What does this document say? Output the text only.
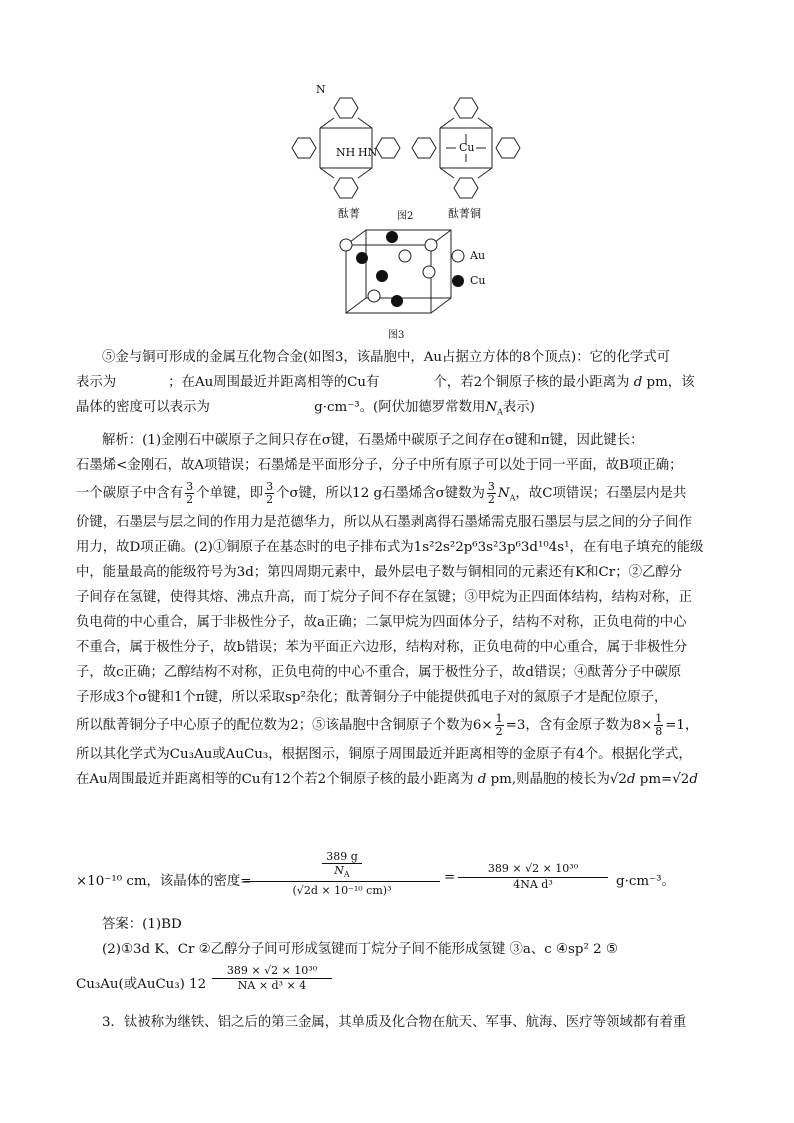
N
NH HN	Cu
酞菁	图2	酞菁铜
Au
Cu
图3
⑤金与铜可形成的金属互化物合金(如图3，该晶胞中，Au占据立方体的8个顶点)：它的化学式可
表示为	；在Au周围最近并距离相等的Cu有	个，若2个铜原子核的最小距离为 d pm，该
晶体的密度可以表示为	g·cm⁻³。(阿伏加德罗常数用$N_A$表示)
解析：(1)金刚石中碳原子之间只存在σ键，石墨烯中碳原子之间存在σ键和π键，因此键长：
石墨烯<金刚石，故A项错误；石墨烯是平面形分子，分子中所有原子可以处于同一平面，故B项正确；
一个碳原子中含有 $\frac{3}{2}$ 个单键，即 $\frac{3}{2}$ 个σ键，所以12 g石墨烯含σ键数为 $\frac{3}{2} N_A$，故C项错误；石墨层内是共
价键，石墨层与层之间的作用力是范德华力，所以从石墨剥离得石墨烯需克服石墨层与层之间的分子间作
用力，故D项正确。(2)①铜原子在基态时的电子排布式为1s²2s²2p⁶3s²3p⁶3d¹⁰4s¹，在有电子填充的能级
中，能量最高的能级符号为3d；第四周期元素中，最外层电子数与铜相同的元素还有K和Cr；②乙醇分
子间存在氢键，使得其熔、沸点升高，而丁烷分子间不存在氢键；③甲烷为正四面体结构，结构对称，正
负电荷的中心重合，属于非极性分子，故a正确；二氯甲烷为四面体分子，结构不对称，正负电荷的中心
不重合，属于极性分子，故b错误；苯为平面正六边形，结构对称，正负电荷的中心重合，属于非极性分
子，故c正确；乙醇结构不对称，正负电荷的中心不重合，属于极性分子，故d错误；④酞菁分子中碳原
子形成3个σ键和1个π键，所以采取sp²杂化；酞菁铜分子中能提供孤电子对的氮原子才是配位原子，
所以酞菁铜分子中心原子的配位数为2；⑤该晶胞中含铜原子个数为$6\times \frac{1}{2} =3$，含有金原子数为$8\times \frac{1}{8} =1$，
所以其化学式为Cu₃Au或AuCu₃，根据图示，铜原子周围最近并距离相等的金原子有4个。根据化学式，
在Au周围最近并距离相等的Cu有12个若2个铜原子核的最小距离为 d pm,则晶胞的棱长为√2d pm=√2d
×10⁻¹⁰ cm，该晶体的密度=
$\frac{389 g}{N_A}$
(√2d × 10⁻¹⁰ cm)³
=
389 × √2 × 10³⁰
4NA d³	g·cm⁻³。
答案：(1)BD
(2)①3d K、Cr ②乙醇分子间可形成氢键而丁烷分子间不能形成氢键 ③a、c ④sp² 2 ⑤
Cu₃Au(或AuCu₃) 12
389 × √2 × 10³⁰
NA × d³ × 4
3．钛被称为继铁、铝之后的第三金属，其单质及化合物在航天、军事、航海、医疗等领域都有着重
